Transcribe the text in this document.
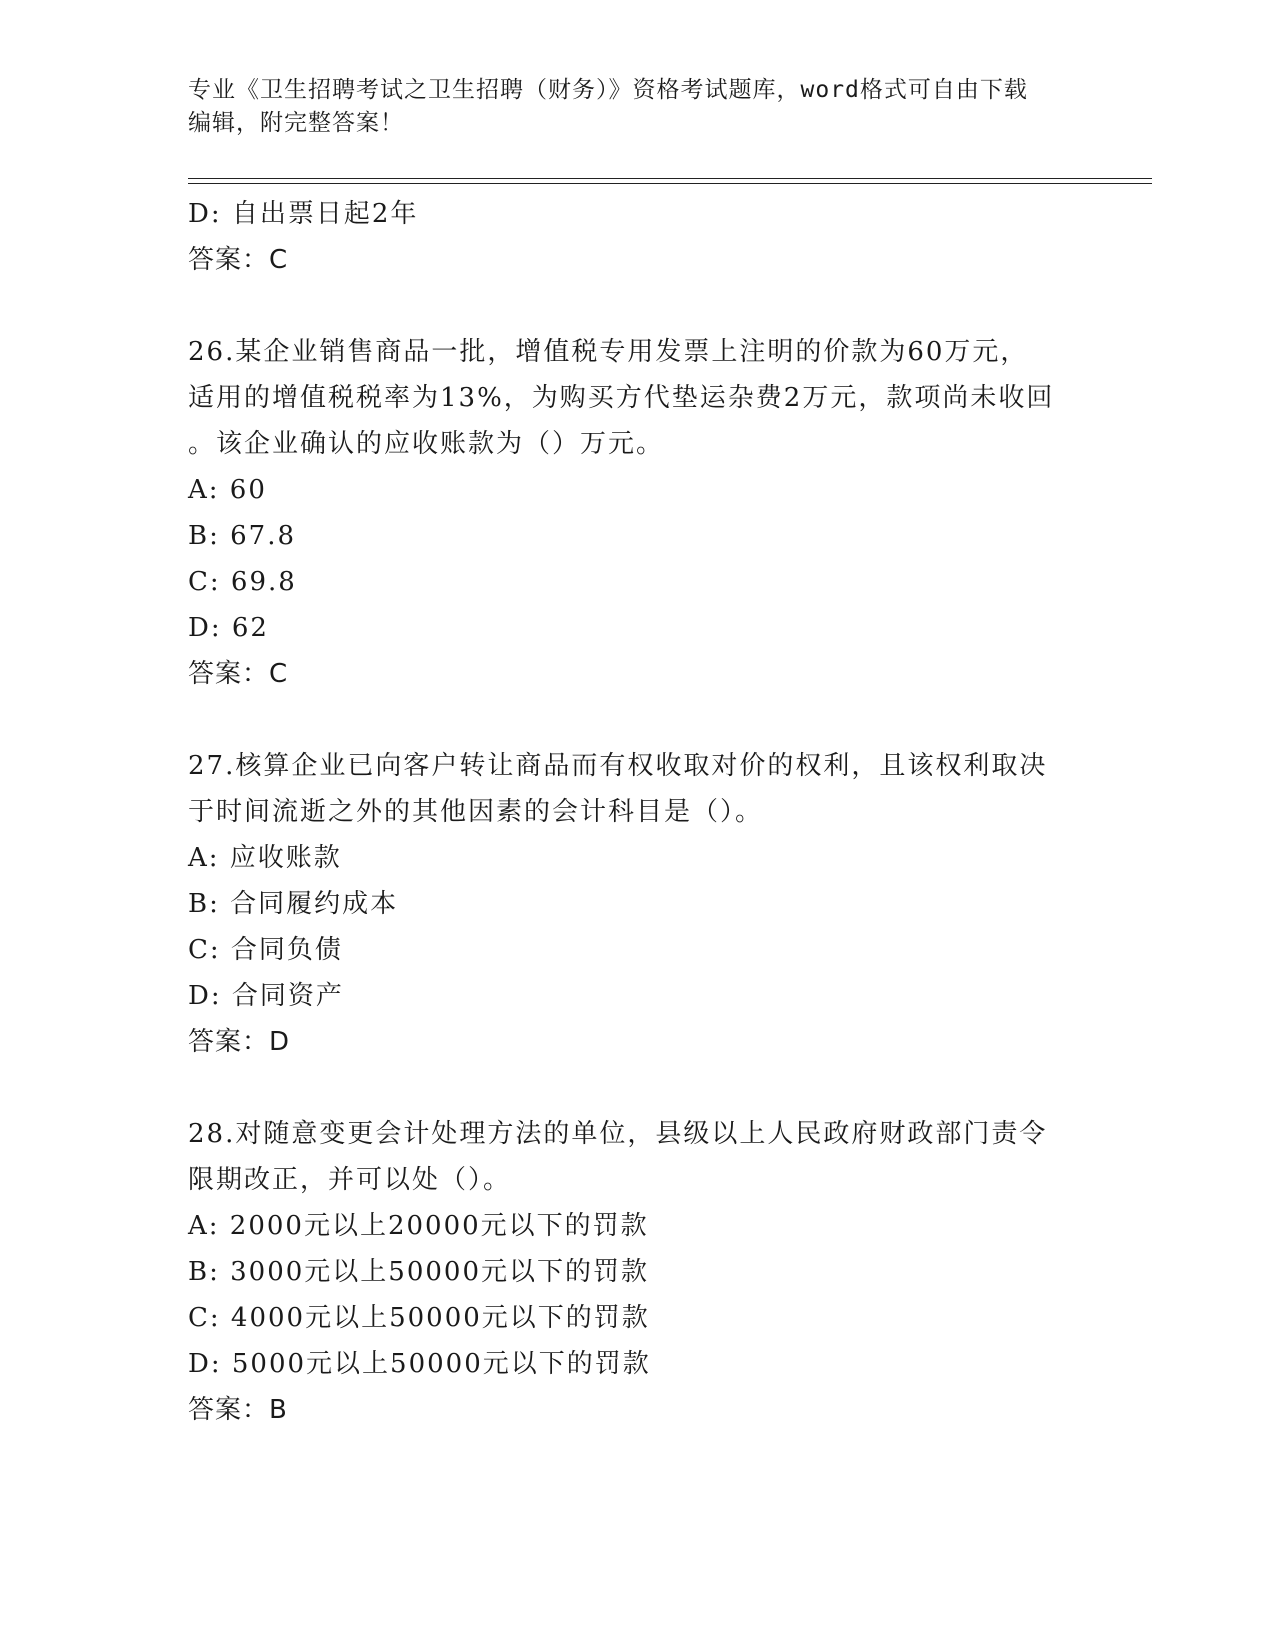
专业《卫生招聘考试之卫生招聘（财务）》资格考试题库，word格式可自由下载
编辑，附完整答案！
D: 自出票日起2年
答案：C
26.某企业销售商品一批，增值税专用发票上注明的价款为60万元，
适用的增值税税率为13%，为购买方代垫运杂费2万元，款项尚未收回
。该企业确认的应收账款为（）万元。
A: 60
B: 67.8
C: 69.8
D: 62
答案：C
27.核算企业已向客户转让商品而有权收取对价的权利，且该权利取决
于时间流逝之外的其他因素的会计科目是（）。
A: 应收账款
B: 合同履约成本
C: 合同负债
D: 合同资产
答案：D
28.对随意变更会计处理方法的单位，县级以上人民政府财政部门责令
限期改正，并可以处（）。
A: 2000元以上20000元以下的罚款
B: 3000元以上50000元以下的罚款
C: 4000元以上50000元以下的罚款
D: 5000元以上50000元以下的罚款
答案：B
